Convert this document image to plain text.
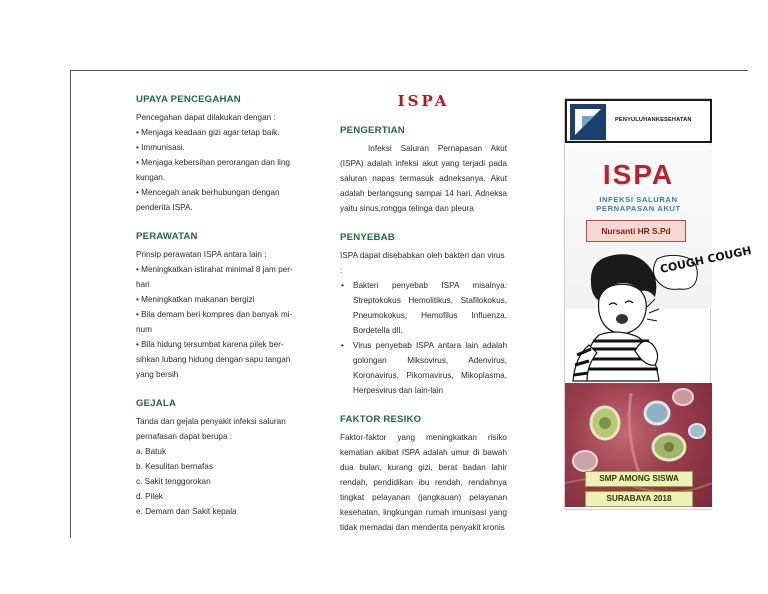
UPAYA PENCEGAHAN

Pencegahan dapat dilakukan dengan :

• Menjaga keadaan gizi agar tetap baik.

• Immunisasi.

• Menjaga kebersihan perorangan dan ling kungan.

• Mencegah anak berhubungan dengan penderita ISPA.

PERAWATAN

Prinsip perawatan ISPA antara lain :

• Meningkatkan istirahat minimal 8 jam per- hari

• Meningkatkan makanan bergizi

• Bila demam beri kompres dan banyak mi- num

• Bila hidung tersumbat karena pilek ber- sihkan lubang hidung dengan sapu tangan yang bersih

GEJALA

Tanda dan gejala penyakit infeksi saluran pernafasan dapat berupa :

a. Batuk

b. Kesulitan bernafas

c. Sakit tenggorokan

d. Pilek

e. Demam dan Sakit kepala

ISPA
PENGERTIAN

Infeksi Saluran Pernapasan Akut (ISPA) adalah infeksi akut yang terjadi pada saluran napas termasuk adneksanya. Akut adalah berlangsung sampai 14 hari. Adneksa yaitu sinus,rongga telinga dan pleura

PENYEBAB

ISPA dapat disebabkan oleh bakteri dan virus :

• Bakteri penyebab ISPA misalnya: Streptokokus Hemolitikus, Stafilokokus, Pneumokokus, Hemofilus Influenza, Bordetella dll.
• Virus penyebab ISPA antara lain adalah golongan Miksovirus, Adenvirus, Koronavirus, Pikornavirus, Mikoplasma, Herpesvirus dan lain-lain
FAKTOR RESIKO

Faktor-faktor yang meningkatkan risiko kematian akibat ISPA adalah umur di bawah dua bulan, kurang gizi, berat badan lahir rendah, pendidikan ibu rendah, rendahnya tingkat pelayanan (jangkauan) pelayanan kesehatan, lingkungan rumah imunisasi yang tidak memadai dan menderita penyakit kronis

PENYULUHANKESEHATAN
ISPA
INFEKSI SALURAN
PERNAPASAN AKUT
Nursanti HR S.Pd
COUGH COUGH
SMP AMONG SISWA
SURABAYA 2018
